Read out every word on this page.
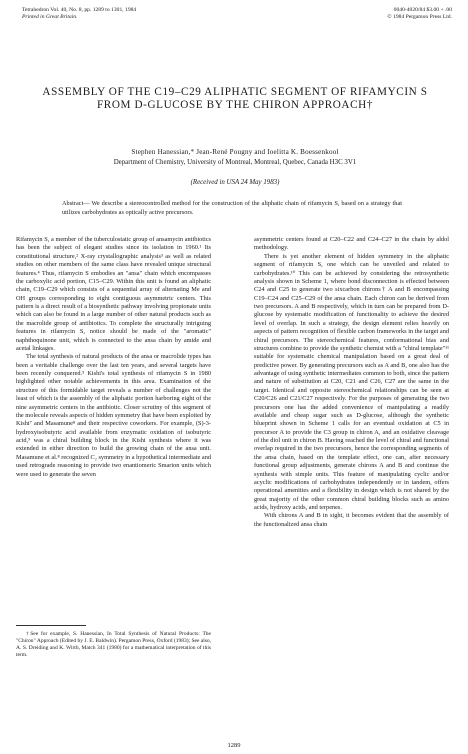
Tetrahedron Vol. 40, No. 8, pp. 1289 to 1301, 1984
Printed in Great Britain.
0040-4020/84 $3.00 + .00
© 1984 Pergamon Press Ltd.
ASSEMBLY OF THE C19–C29 ALIPHATIC SEGMENT OF RIFAMYCIN S FROM D-GLUCOSE BY THE CHIRON APPROACH†
Stephen Hanessian,* Jean-René Pougny and Ioelitta K. Boessenkool
Department of Chemistry, University of Montreal, Montreal, Quebec, Canada H3C 3V1
(Received in USA 24 May 1983)
Abstract— We describe a stereocontrolled method for the construction of the aliphatic chain of rifamycin S, based on a strategy that utilizes carbohydrates as optically active precursors.

Rifamycin S, a member of the tuberculostatic group of ansamycin antibiotics has been the subject of elegant studies since its isolation in 1960.¹ Its constitutional structure,² X-ray crystallographic analysis³ as well as related studies on other members of the same class have revealed unique structural features.⁴ Thus, rifamycin S embodies an "ansa" chain which encompasses the carboxylic acid portion, C15–C29. Within this unit is found an aliphatic chain, C19–C29 which consists of a sequential array of alternating Me and OH groups corresponding to eight contiguous asymmetric centers. This pattern is a direct result of a biosynthetic pathway involving propionate units which can also be found in a large number of other natural products such as the macrolide group of antibiotics. To complete the structurally intriguing features in rifamycin S, notice should be made of the "aromatic" naphthoquinone unit, which is connected to the ansa chain by amide and acetal linkages.

The total synthesis of natural products of the ansa or macrolide types has been a veritable challenge over the last ten years, and several targets have been recently conquered.⁵ Kishi's total synthesis of rifamycin S in 1980 highlighted other notable achievements in this area. Examination of the structure of this formidable target reveals a number of challenges not the least of which is the assembly of the aliphatic portion harboring eight of the nine asymmetric centers in the antibiotic. Closer scrutiny of this segment of the molecule reveals aspects of hidden symmetry that have been exploited by Kishi⁷ and Masamune⁸ and their respective coworkers. For example, (S)-3-hydroxyisobutyric acid available from enzymatic oxidation of isobutyric acid,⁹ was a chiral building block in the Kishi synthesis where it was extended in either direction to build the growing chain of the ansa unit. Masamune et al.⁸ recognized C₂ symmetry in a hypothetical intermediate and used retrograde reasoning to provide two enantiomeric Smarion units which were used to generate the seven

asymmetric centers found at C20–C22 and C24–C27 in the chain by aldol methodology.

There is yet another element of hidden symmetry in the aliphatic segment of rifamycin S, one which can be unveiled and related to carbohydrates.¹⁰ This can be achieved by considering the retrosynthetic analysis shown in Scheme 1, where bond disconnection is effected between C24 and C25 to generate two sixcarbon chirons† A and B encompassing C19–C24 and C25–C29 of the ansa chain. Each chiron can be derived from two precursors. A and B respectively, which in turn can be prepared from D-glucose by systematic modification of functionality to achieve the desired level of overlap. In such a strategy, the design element relies heavily on aspects of pattern recognition of flexible carbon frameworks in the target and chiral precursors. The stereochemical features, conformational bias and structures combine to provide the synthetic chemist with a "chiral template"¹¹ suitable for systematic chemical manipulation based on a great deal of predictive power. By generating precursors such as A and B, one also has the advantage of using synthetic intermediates common to both, since the pattern and nature of substitution at C20, C21 and C26, C27 are the same in the target. Identical and opposite stereochemical relationships can be seen at C20/C26 and C21/C27 respectively. For the purposes of generating the two precursors one has the added convenience of manipulating a readily available and cheap sugar such as D-glucose, although the synthetic blueprint shown in Scheme 1 calls for an eventual oxidation at C5 in precursor A to provide the C3 group in chiron A, and an oxidative cleavage of the diol unit in chiron B. Having reached the level of chiral and functional overlap required in the two precursors, hence the corresponding segments of the ansa chain, based on the template effect, one can, after necessary functional group adjustments, generate chirons A and B and continue the synthesis with simple units. This feature of manipulating cyclic and/or acyclic modifications of carbohydrates independently or in tandem, offers operational amenities and a flexibility in design which is not shared by the great majority of the other common chiral building blocks such as amino acids, hydroxy acids, and terpenes.

With chirons A and B in sight, it becomes evident that the assembly of the functionalized ansa chain

†See for example, S. Hanessian, In Total Synthesis of Natural Products: The "Chiron" Approach (Edited by J. E. Baldwin). Pergamon Press, Oxford (1983); See also, A. S. Dreiding and K. Wirth, Match 341 (1980) for a mathematical interpretation of this term.
1289
